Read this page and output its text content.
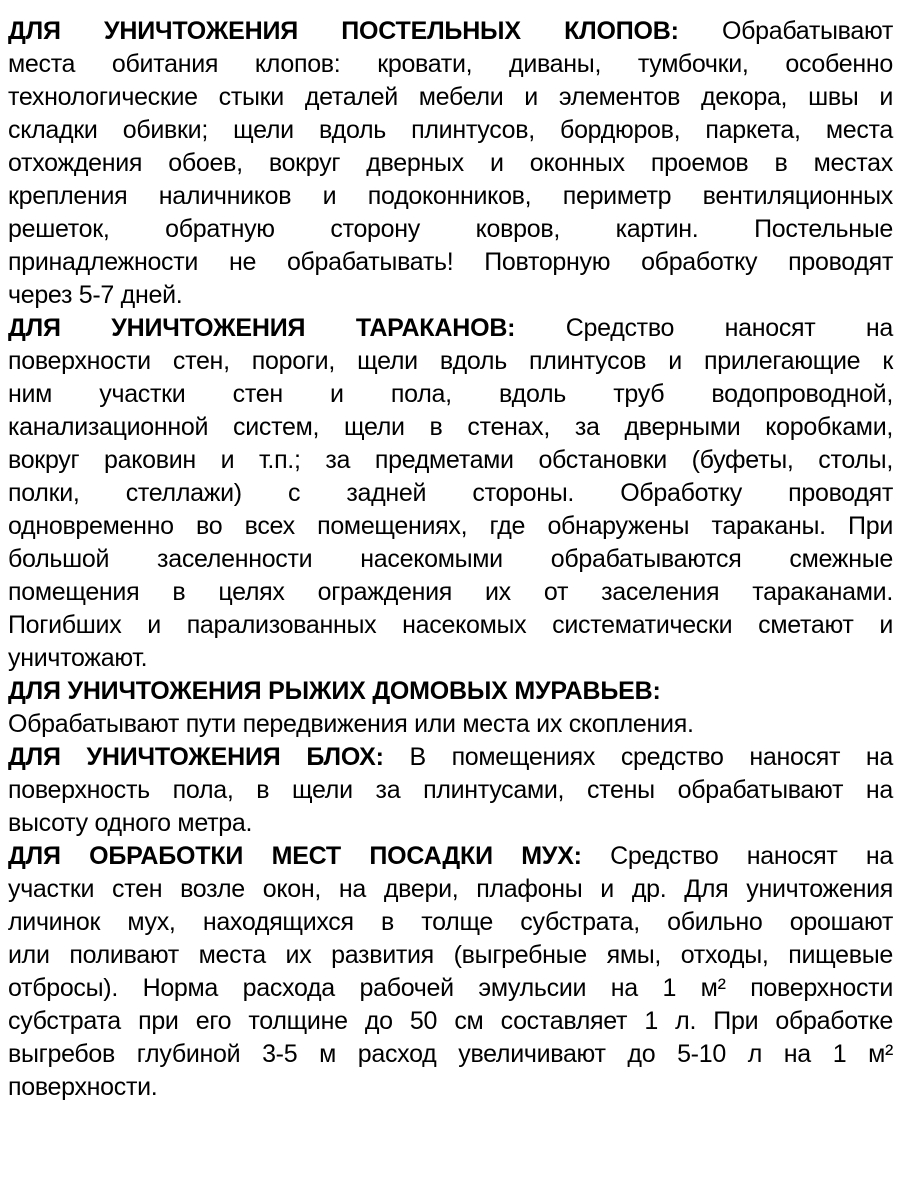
ДЛЯ УНИЧТОЖЕНИЯ ПОСТЕЛЬНЫХ КЛОПОВ: Обрабатывают
места обитания клопов: кровати, диваны, тумбочки, особенно
технологические стыки деталей мебели и элементов декора, швы и
складки обивки; щели вдоль плинтусов, бордюров, паркета, места
отхождения обоев, вокруг дверных и оконных проемов в местах
крепления наличников и подоконников, периметр вентиляционных
решеток, обратную сторону ковров, картин. Постельные
принадлежности не обрабатывать! Повторную обработку проводят
через 5-7 дней.
ДЛЯ УНИЧТОЖЕНИЯ ТАРАКАНОВ: Средство наносят на
поверхности стен, пороги, щели вдоль плинтусов и прилегающие к
ним участки стен и пола, вдоль труб водопроводной,
канализационной систем, щели в стенах, за дверными коробками,
вокруг раковин и т.п.; за предметами обстановки (буфеты, столы,
полки, стеллажи) с задней стороны. Обработку проводят
одновременно во всех помещениях, где обнаружены тараканы. При
большой заселенности насекомыми обрабатываются смежные
помещения в целях ограждения их от заселения тараканами.
Погибших и парализованных насекомых систематически сметают и
уничтожают.
ДЛЯ УНИЧТОЖЕНИЯ РЫЖИХ ДОМОВЫХ МУРАВЬЕВ:
Обрабатывают пути передвижения или места их скопления.
ДЛЯ УНИЧТОЖЕНИЯ БЛОХ: В помещениях средство наносят на
поверхность пола, в щели за плинтусами, стены обрабатывают на
высоту одного метра.
ДЛЯ ОБРАБОТКИ МЕСТ ПОСАДКИ МУХ: Средство наносят на
участки стен возле окон, на двери, плафоны и др. Для уничтожения
личинок мух, находящихся в толще субстрата, обильно орошают
или поливают места их развития (выгребные ямы, отходы, пищевые
отбросы). Норма расхода рабочей эмульсии на 1 м² поверхности
субстрата при его толщине до 50 см составляет 1 л. При обработке
выгребов глубиной 3-5 м расход увеличивают до 5-10 л на 1 м²
поверхности.
